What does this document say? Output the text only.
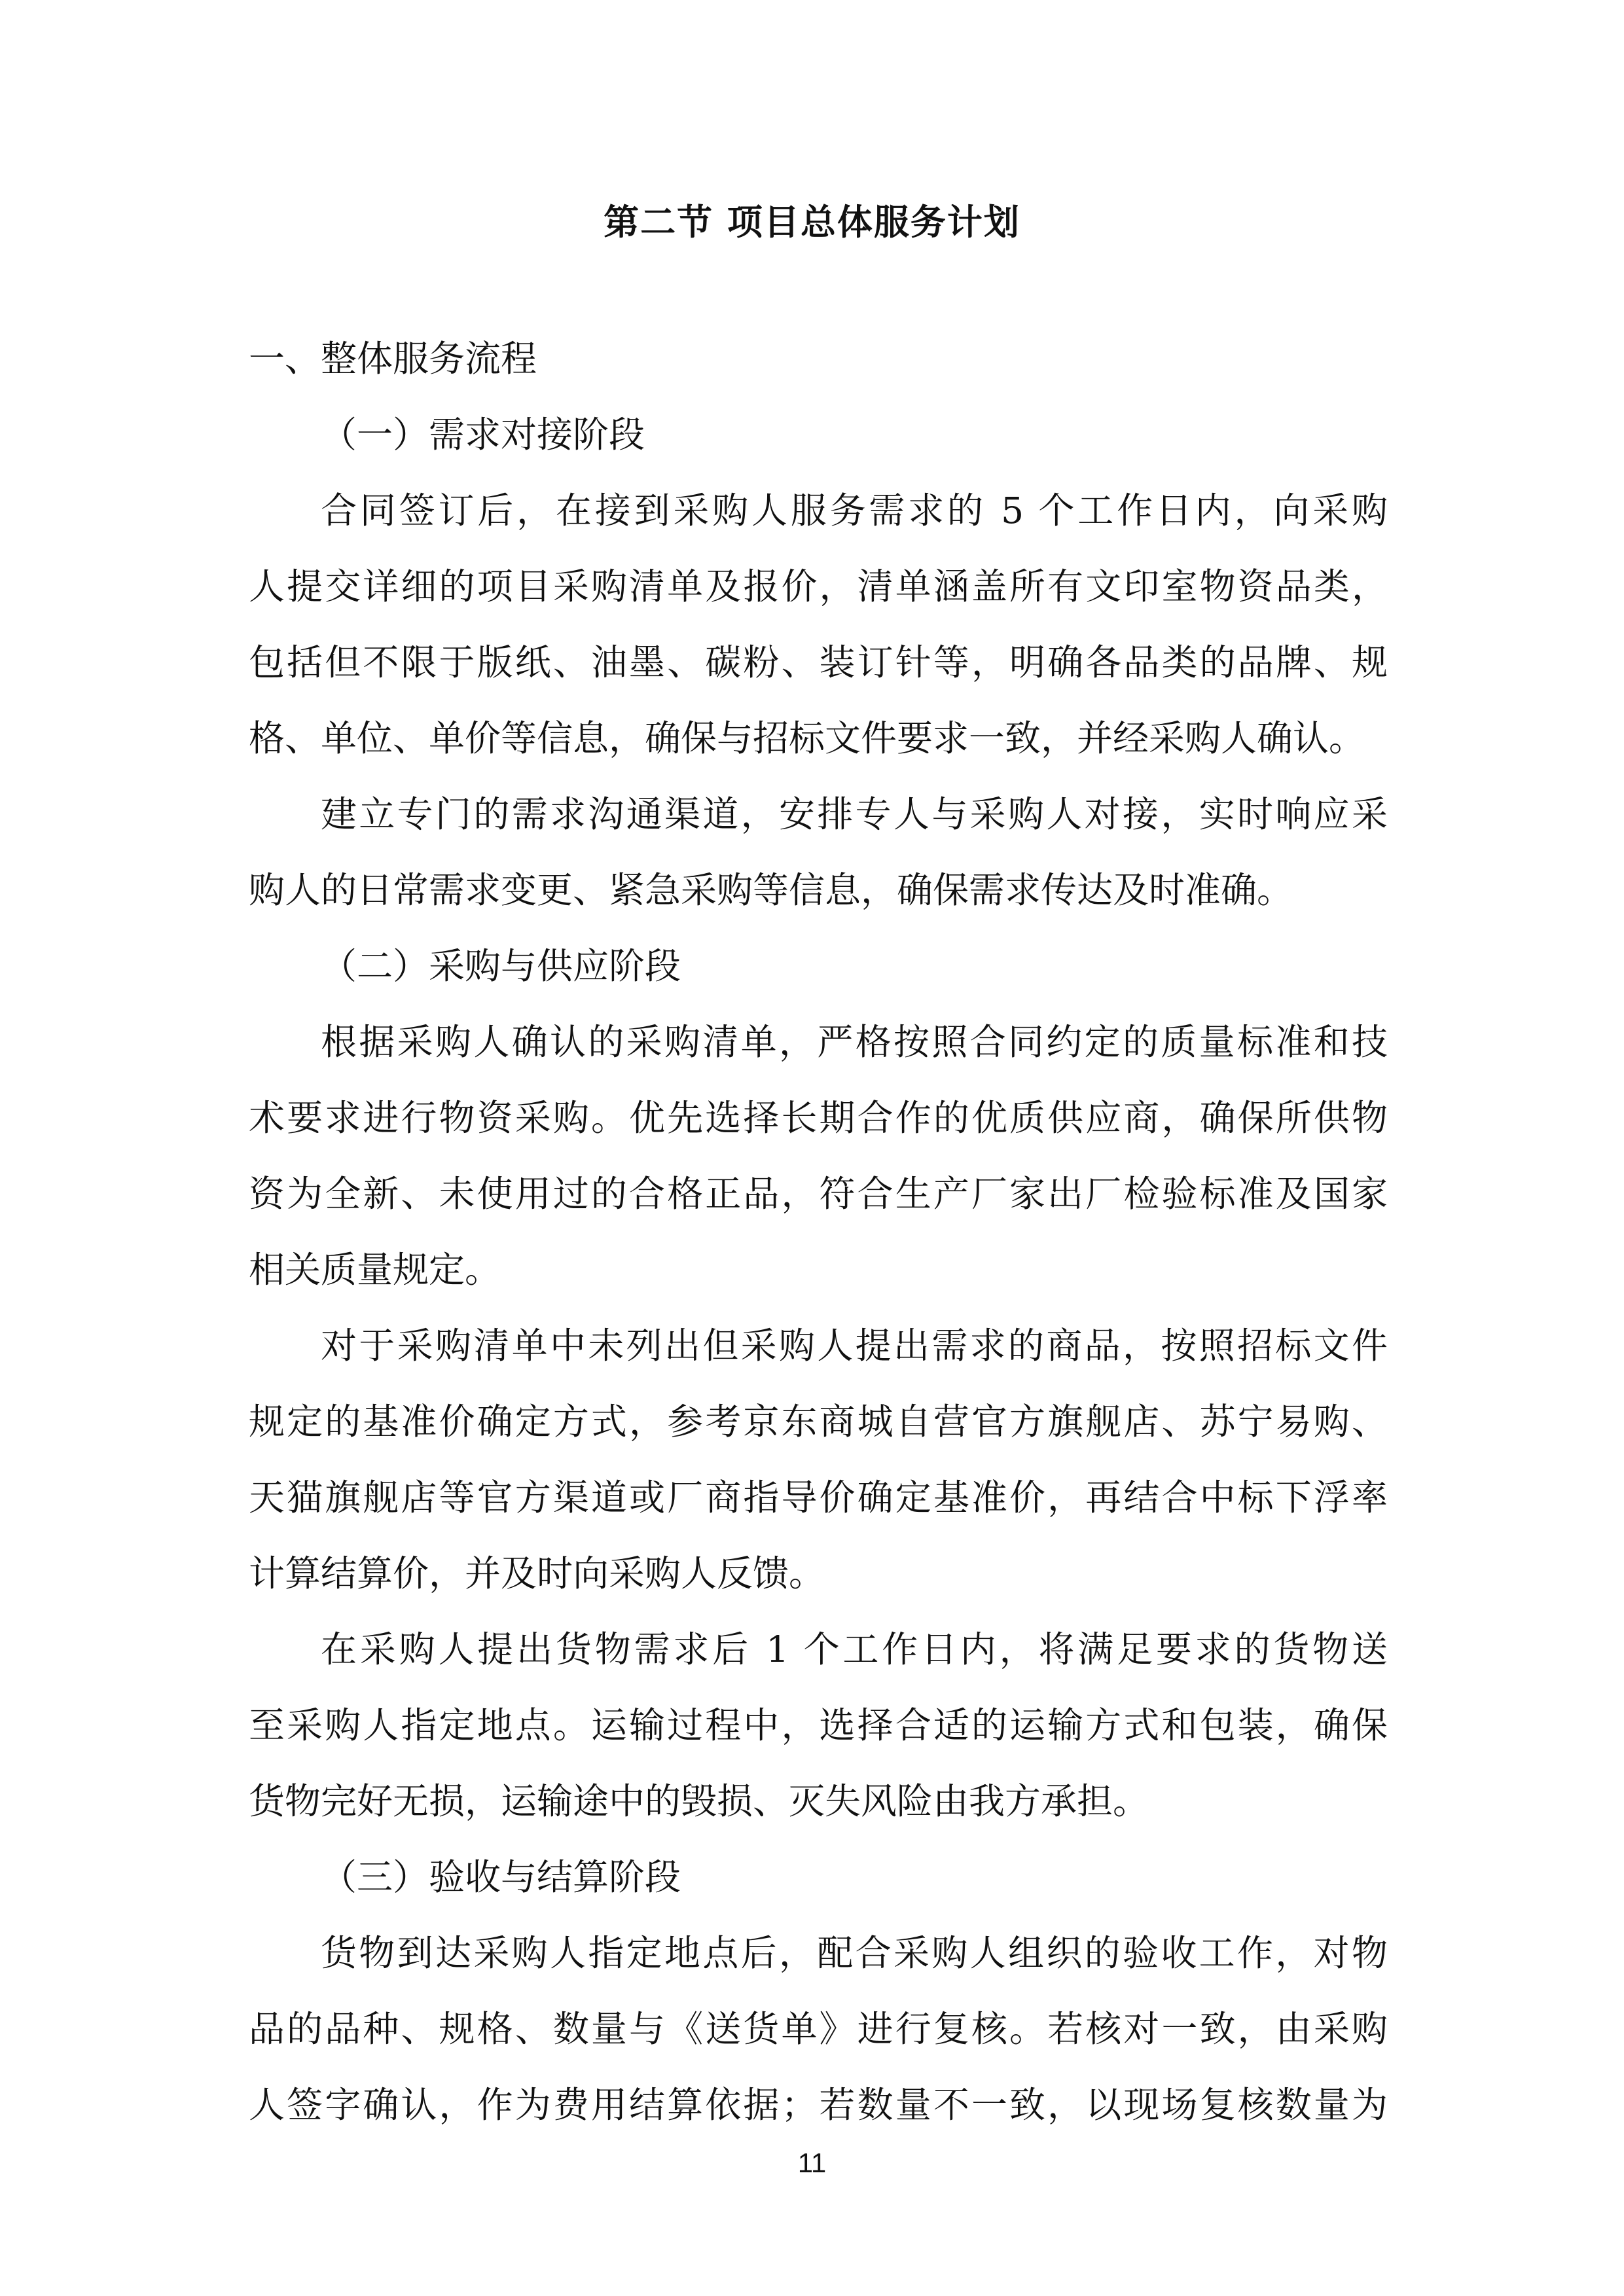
第二节 项目总体服务计划
一、整体服务流程
（一）需求对接阶段
合同签订后，在接到采购人服务需求的 5 个工作日内，向采购
人提交详细的项目采购清单及报价，清单涵盖所有文印室物资品类，
包括但不限于版纸、油墨、碳粉、装订针等，明确各品类的品牌、规
格、单位、单价等信息，确保与招标文件要求一致，并经采购人确认。
建立专门的需求沟通渠道，安排专人与采购人对接，实时响应采
购人的日常需求变更、紧急采购等信息，确保需求传达及时准确。
（二）采购与供应阶段
根据采购人确认的采购清单，严格按照合同约定的质量标准和技
术要求进行物资采购。优先选择长期合作的优质供应商，确保所供物
资为全新、未使用过的合格正品，符合生产厂家出厂检验标准及国家
相关质量规定。
对于采购清单中未列出但采购人提出需求的商品，按照招标文件
规定的基准价确定方式，参考京东商城自营官方旗舰店、苏宁易购、
天猫旗舰店等官方渠道或厂商指导价确定基准价，再结合中标下浮率
计算结算价，并及时向采购人反馈。
在采购人提出货物需求后 1 个工作日内，将满足要求的货物送
至采购人指定地点。运输过程中，选择合适的运输方式和包装，确保
货物完好无损，运输途中的毁损、灭失风险由我方承担。
（三）验收与结算阶段
货物到达采购人指定地点后，配合采购人组织的验收工作，对物
品的品种、规格、数量与《送货单》进行复核。若核对一致，由采购
人签字确认，作为费用结算依据；若数量不一致，以现场复核数量为
11
